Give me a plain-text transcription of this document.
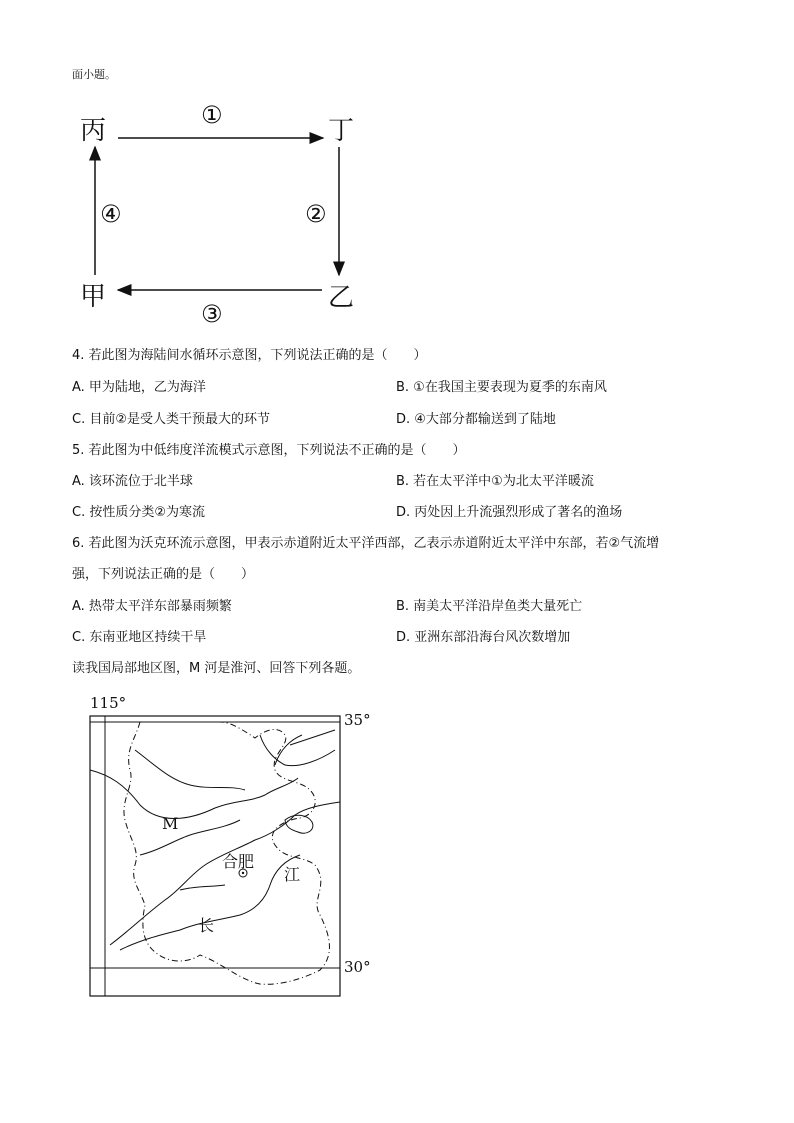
面小题。
丙	丁
乙
甲
①
②
③
④
4. 若此图为海陆间水循环示意图，下列说法正确的是（　　）
A. 甲为陆地，乙为海洋	B. ①在我国主要表现为夏季的东南风
C. 目前②是受人类干预最大的环节	D. ④大部分都输送到了陆地
5. 若此图为中低纬度洋流模式示意图，下列说法不正确的是（　　）
A. 该环流位于北半球	B. 若在太平洋中①为北太平洋暖流
C. 按性质分类②为寒流	D. 丙处因上升流强烈形成了著名的渔场
6. 若此图为沃克环流示意图，甲表示赤道附近太平洋西部，乙表示赤道附近太平洋中东部，若②气流增
强，下列说法正确的是（　　）
A. 热带太平洋东部暴雨频繁	B. 南美太平洋沿岸鱼类大量死亡
C. 东南亚地区持续干旱	D. 亚洲东部沿海台风次数增加
读我国局部地区图，M 河是淮河、回答下列各题。
115°
35°
30°
M
合肥
江
长
